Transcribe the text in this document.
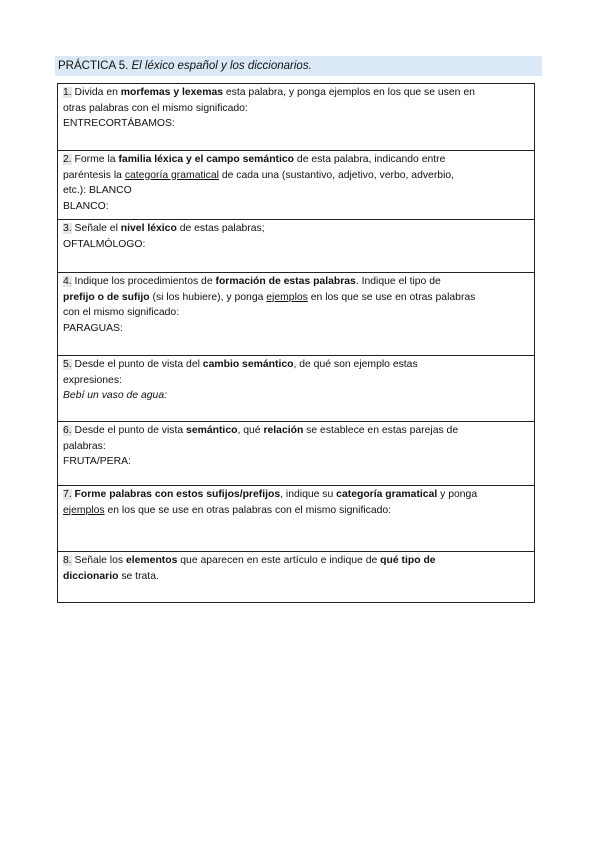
PRÁCTICA 5. El léxico español y los diccionarios.
1. Divida en morfemas y lexemas esta palabra, y ponga ejemplos en los que se usen en
otras palabras con el mismo significado:
ENTRECORTÁBAMOS:
2. Forme la familia léxica y el campo semántico de esta palabra, indicando entre
paréntesis la categoría gramatical de cada una (sustantivo, adjetivo, verbo, adverbio,
etc.): BLANCO
BLANCO:
3. Señale el nivel léxico de estas palabras;
OFTALMÓLOGO:
4. Indique los procedimientos de formación de estas palabras. Indique el tipo de
prefijo o de sufijo (si los hubiere), y ponga ejemplos en los que se use en otras palabras
con el mismo significado:
PARAGUAS:
5. Desde el punto de vista del cambio semántico, de qué son ejemplo estas
expresiones:
Bebí un vaso de agua:
6. Desde el punto de vista semántico, qué relación se establece en estas parejas de
palabras:
FRUTA/PERA:
7. Forme palabras con estos sufijos/prefijos, indique su categoría gramatical y ponga
ejemplos en los que se use en otras palabras con el mismo significado:
8. Señale los elementos que aparecen en este artículo e indique de qué tipo de
diccionario se trata.
